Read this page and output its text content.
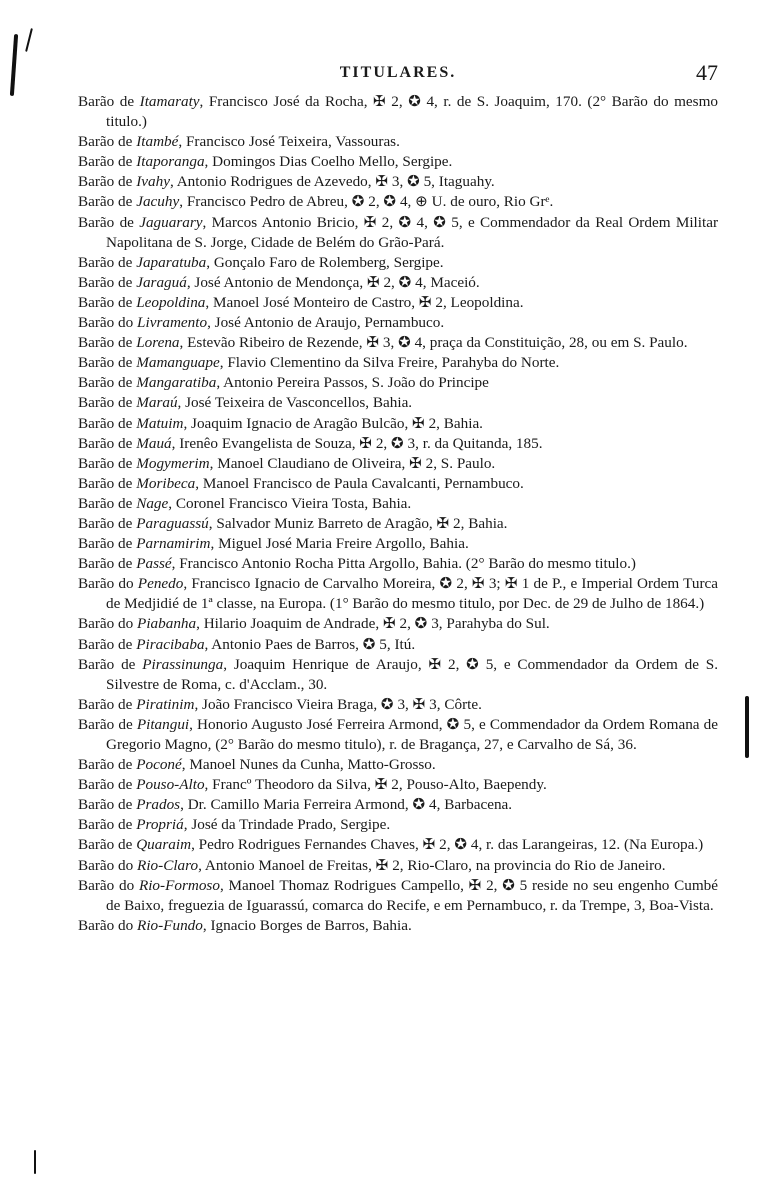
TITULARES.	47
Barão de Itamaraty, Francisco José da Rocha, ✠ 2, ✪ 4, r. de S. Joaquim, 170. (2° Barão do mesmo titulo.)
Barão de Itambé, Francisco José Teixeira, Vassouras.
Barão de Itaporanga, Domingos Dias Coelho Mello, Sergipe.
Barão de Ivahy, Antonio Rodrigues de Azevedo, ✠ 3, ✪ 5, Itaguahy.
Barão de Jacuhy, Francisco Pedro de Abreu, ✪ 2, ✪ 4, ⊕ U. de ouro, Rio Grᵉ.
Barão de Jaguarary, Marcos Antonio Bricio, ✠ 2, ✪ 4, ✪ 5, e Commendador da Real Ordem Militar Napolitana de S. Jorge, Cidade de Belém do Grão-Pará.
Barão de Japaratuba, Gonçalo Faro de Rolemberg, Sergipe.
Barão de Jaraguá, José Antonio de Mendonça, ✠ 2, ✪ 4, Maceió.
Barão de Leopoldina, Manoel José Monteiro de Castro, ✠ 2, Leopoldina.
Barão do Livramento, José Antonio de Araujo, Pernambuco.
Barão de Lorena, Estevão Ribeiro de Rezende, ✠ 3, ✪ 4, praça da Constituição, 28, ou em S. Paulo.
Barão de Mamanguape, Flavio Clementino da Silva Freire, Parahyba do Norte.
Barão de Mangaratiba, Antonio Pereira Passos, S. João do Principe
Barão de Maraú, José Teixeira de Vasconcellos, Bahia.
Barão de Matuim, Joaquim Ignacio de Aragão Bulcão, ✠ 2, Bahia.
Barão de Mauá, Irenêo Evangelista de Souza, ✠ 2, ✪ 3, r. da Quitanda, 185.
Barão de Mogymerim, Manoel Claudiano de Oliveira, ✠ 2, S. Paulo.
Barão de Moribeca, Manoel Francisco de Paula Cavalcanti, Pernambuco.
Barão de Nage, Coronel Francisco Vieira Tosta, Bahia.
Barão de Paraguassú, Salvador Muniz Barreto de Aragão, ✠ 2, Bahia.
Barão de Parnamirim, Miguel José Maria Freire Argollo, Bahia.
Barão de Passé, Francisco Antonio Rocha Pitta Argollo, Bahia. (2° Barão do mesmo titulo.)
Barão do Penedo, Francisco Ignacio de Carvalho Moreira, ✪ 2, ✠ 3; ✠ 1 de P., e Imperial Ordem Turca de Medjidié de 1ª classe, na Europa. (1° Barão do mesmo titulo, por Dec. de 29 de Julho de 1864.)
Barão do Piabanha, Hilario Joaquim de Andrade, ✠ 2, ✪ 3, Parahyba do Sul.
Barão de Piracibaba, Antonio Paes de Barros, ✪ 5, Itú.
Barão de Pirassinunga, Joaquim Henrique de Araujo, ✠ 2, ✪ 5, e Commendador da Ordem de S. Silvestre de Roma, c. d'Acclam., 30.
Barão de Piratinim, João Francisco Vieira Braga, ✪ 3, ✠ 3, Côrte.
Barão de Pitangui, Honorio Augusto José Ferreira Armond, ✪ 5, e Commendador da Ordem Romana de Gregorio Magno, (2° Barão do mesmo titulo), r. de Bragança, 27, e Carvalho de Sá, 36.
Barão de Poconé, Manoel Nunes da Cunha, Matto-Grosso.
Barão de Pouso-Alto, Francº Theodoro da Silva, ✠ 2, Pouso-Alto, Baependy.
Barão de Prados, Dr. Camillo Maria Ferreira Armond, ✪ 4, Barbacena.
Barão de Propriá, José da Trindade Prado, Sergipe.
Barão de Quaraim, Pedro Rodrigues Fernandes Chaves, ✠ 2, ✪ 4, r. das Larangeiras, 12. (Na Europa.)
Barão do Rio-Claro, Antonio Manoel de Freitas, ✠ 2, Rio-Claro, na provincia do Rio de Janeiro.
Barão do Rio-Formoso, Manoel Thomaz Rodrigues Campello, ✠ 2, ✪ 5 reside no seu engenho Cumbé de Baixo, freguezia de Iguarassú, comarca do Recife, e em Pernambuco, r. da Trempe, 3, Boa-Vista.
Barão do Rio-Fundo, Ignacio Borges de Barros, Bahia.
